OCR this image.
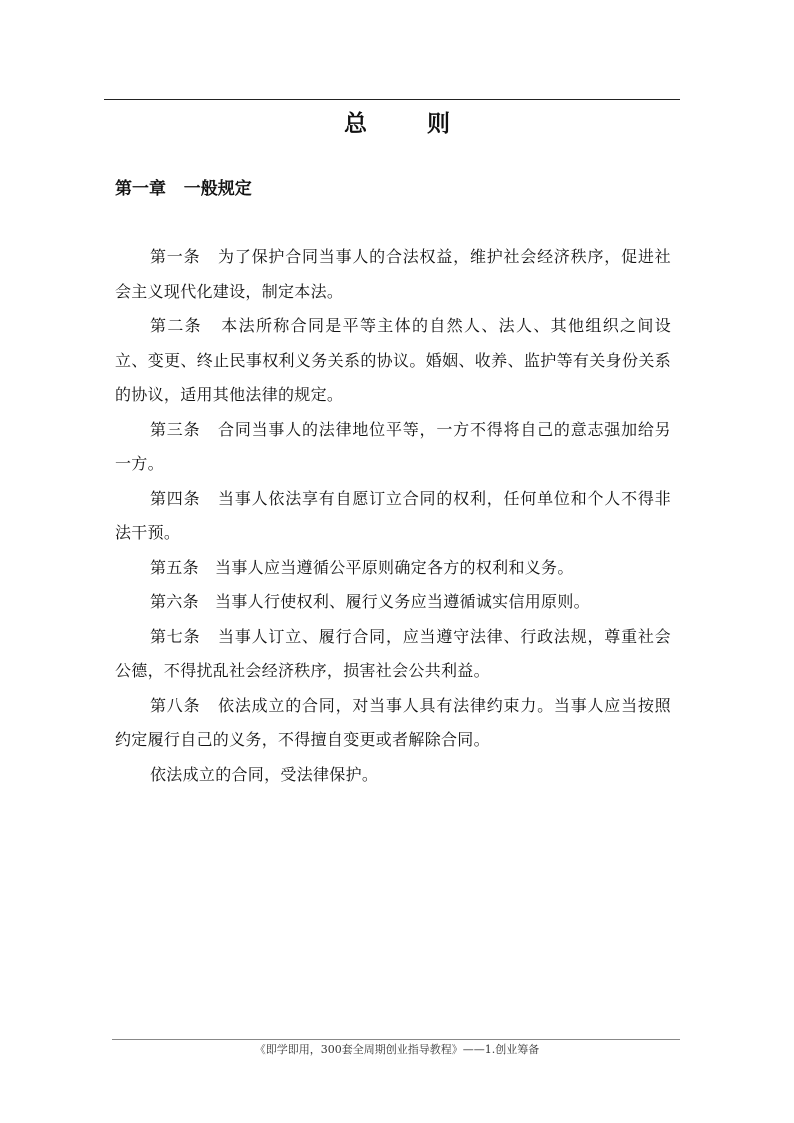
总 则
第一章   一般规定

第一条   为了保护合同当事人的合法权益，维护社会经济秩序，促进社会主义现代化建设，制定本法。

第二条   本法所称合同是平等主体的自然人、法人、其他组织之间设立、变更、终止民事权利义务关系的协议。婚姻、收养、监护等有关身份关系的协议，适用其他法律的规定。

第三条   合同当事人的法律地位平等，一方不得将自己的意志强加给另一方。

第四条   当事人依法享有自愿订立合同的权利，任何单位和个人不得非法干预。

第五条   当事人应当遵循公平原则确定各方的权利和义务。

第六条   当事人行使权利、履行义务应当遵循诚实信用原则。

第七条   当事人订立、履行合同，应当遵守法律、行政法规，尊重社会公德，不得扰乱社会经济秩序，损害社会公共利益。

第八条   依法成立的合同，对当事人具有法律约束力。当事人应当按照约定履行自己的义务，不得擅自变更或者解除合同。

依法成立的合同，受法律保护。

《即学即用，300套全周期创业指导教程》——1.创业筹备
